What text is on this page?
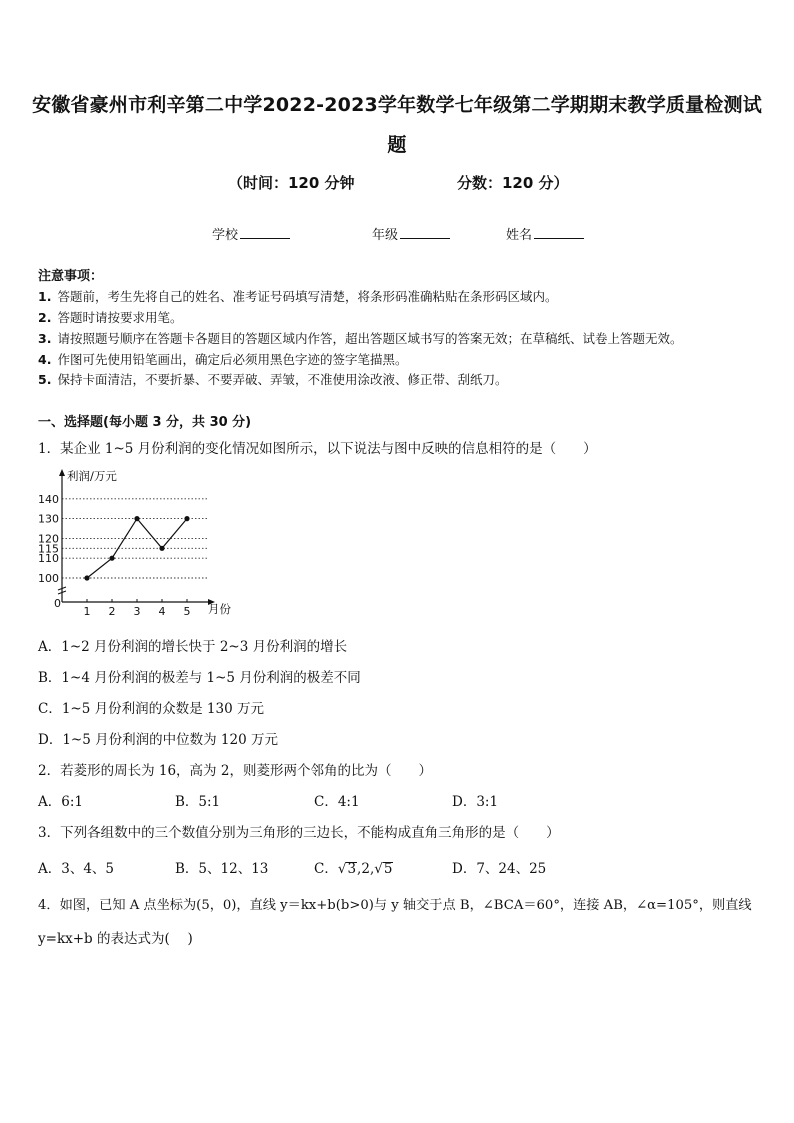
安徽省豪州市利辛第二中学2022-2023学年数学七年级第二学期期末教学质量检测试
题
（时间：120 分钟	分数：120 分）
学校	年级	姓名
注意事项：
1. 答题前，考生先将自己的姓名、准考证号码填写清楚，将条形码准确粘贴在条形码区域内。
2. 答题时请按要求用笔。
3. 请按照题号顺序在答题卡各题目的答题区域内作答，超出答题区域书写的答案无效；在草稿纸、试卷上答题无效。
4. 作图可先使用铅笔画出，确定后必须用黑色字迹的签字笔描黑。
5. 保持卡面清洁，不要折暴、不要弄破、弄皱，不准使用涂改液、修正带、刮纸刀。
一、选择题(每小题 3 分，共 30 分)
1．某企业 1~5 月份利润的变化情况如图所示，以下说法与图中反映的信息相符的是（　　）
100
110
115
120
130
140
1 2 3 4 5
利润/万元
月份
0
A．1~2 月份利润的增长快于 2~3 月份利润的增长
B．1~4 月份利润的极差与 1~5 月份利润的极差不同
C．1~5 月份利润的众数是 130 万元
D．1~5 月份利润的中位数为 120 万元
2．若菱形的周长为 16，高为 2，则菱形两个邻角的比为（　　）
A．6:1	B．5:1	C．4:1	D．3:1
3．下列各组数中的三个数值分别为三角形的三边长，不能构成直角三角形的是（　　）
A．3、4、5	B．5、12、13	C．√3,2,√5	D．7、24、25
4．如图，已知 A 点坐标为(5，0)，直线 y＝kx+b(b>0)与 y 轴交于点 B，∠BCA＝60°，连接 AB，∠α=105°，则直线
y=kx+b 的表达式为(　 )
